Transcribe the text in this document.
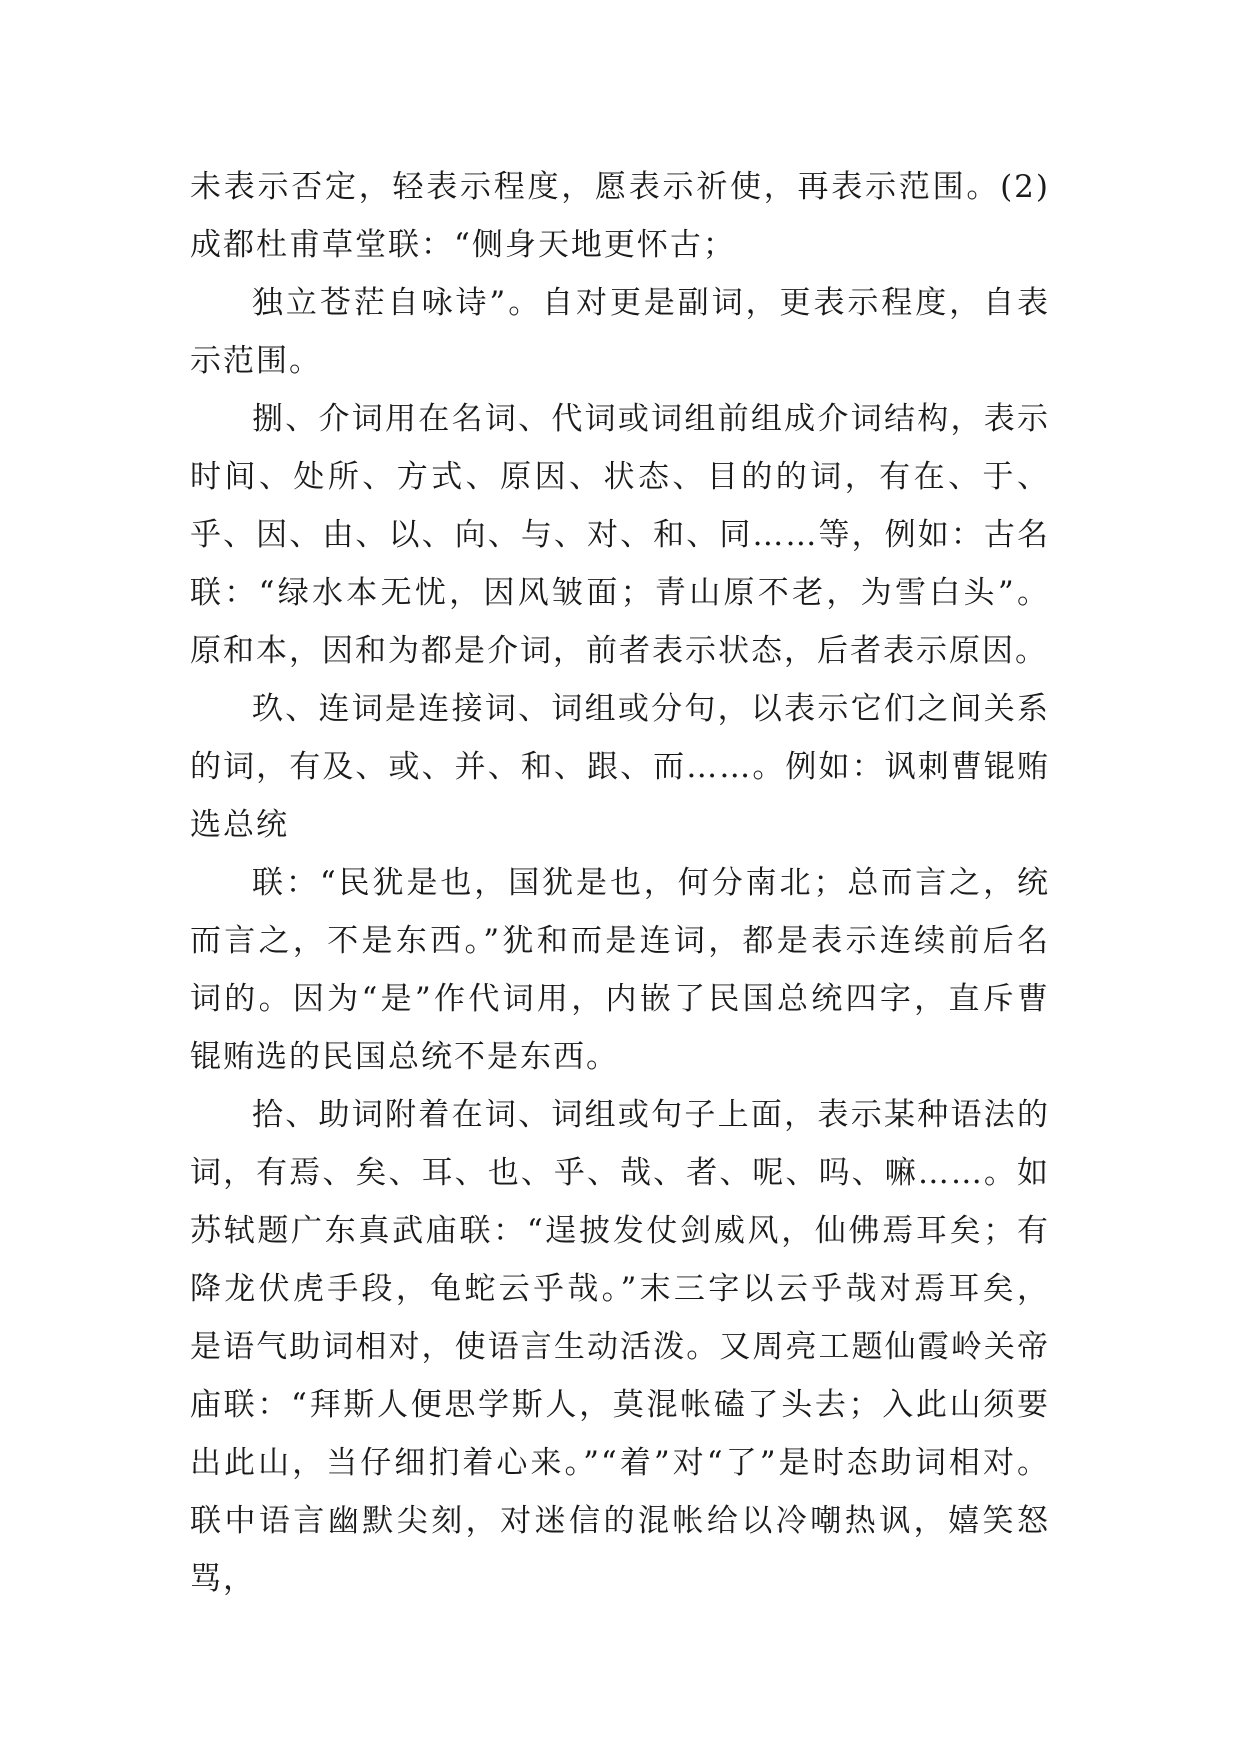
未表示否定，轻表示程度，愿表示祈使，再表示范围。(2)成都杜甫草堂联：“侧身天地更怀古；

独立苍茫自咏诗”。自对更是副词，更表示程度，自表示范围。

捌、介词用在名词、代词或词组前组成介词结构，表示时间、处所、方式、原因、状态、目的的词，有在、于、乎、因、由、以、向、与、对、和、同……等，例如：古名联：“绿水本无忧，因风皱面；青山原不老，为雪白头”。原和本，因和为都是介词，前者表示状态，后者表示原因。

玖、连词是连接词、词组或分句，以表示它们之间关系的词，有及、或、并、和、跟、而……。例如：讽刺曹锟贿选总统

联：“民犹是也，国犹是也，何分南北；总而言之，统而言之，不是东西。”犹和而是连词，都是表示连续前后名词的。因为“是”作代词用，内嵌了民国总统四字，直斥曹锟贿选的民国总统不是东西。

拾、助词附着在词、词组或句子上面，表示某种语法的词，有焉、矣、耳、也、乎、哉、者、呢、吗、嘛……。如苏轼题广东真武庙联：“逞披发仗剑威风，仙佛焉耳矣；有降龙伏虎手段，龟蛇云乎哉。”末三字以云乎哉对焉耳矣，是语气助词相对，使语言生动活泼。又周亮工题仙霞岭关帝庙联：“拜斯人便思学斯人，莫混帐磕了头去；入此山须要出此山，当仔细扪着心来。”“着”对“了”是时态助词相对。联中语言幽默尖刻，对迷信的混帐给以冷嘲热讽，嬉笑怒骂，
